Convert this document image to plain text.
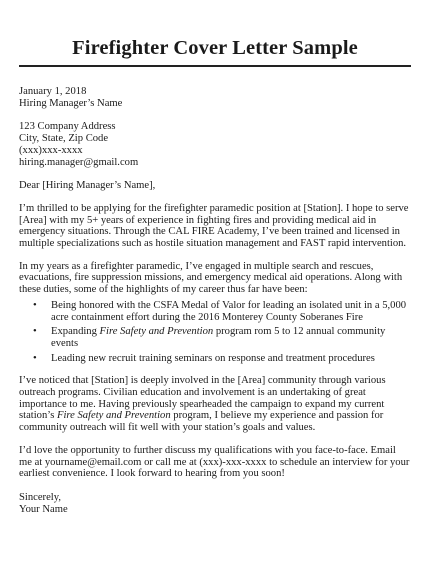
Firefighter Cover Letter Sample

January 1, 2018

Hiring Manager’s Name

123 Company Address

City, State, Zip Code

(xxx)xxx-xxxx

hiring.manager@gmail.com

Dear [Hiring Manager’s Name],

I’m thrilled to be applying for the firefighter paramedic position at [Station]. I hope to serve [Area] with my 5+ years of experience in fighting fires and providing medical aid in emergency situations. Through the CAL FIRE Academy, I’ve been trained and licensed in multiple specializations such as hostile situation management and FAST rapid intervention.

In my years as a firefighter paramedic, I’ve engaged in multiple search and rescues, evacuations, fire suppression missions, and emergency medical aid operations. Along with these duties, some of the highlights of my career thus far have been:

• Being honored with the CSFA Medal of Valor for leading an isolated unit in a 5,000 acre containment effort during the 2016 Monterey County Soberanes Fire
• Expanding Fire Safety and Prevention program rom 5 to 12 annual community events
• Leading new recruit training seminars on response and treatment procedures

I’ve noticed that [Station] is deeply involved in the [Area] community through various outreach programs. Civilian education and involvement is an undertaking of great importance to me. Having previously spearheaded the campaign to expand my current station’s Fire Safety and Prevention program, I believe my experience and passion for community outreach will fit well with your station’s goals and values.

I’d love the opportunity to further discuss my qualifications with you face-to-face. Email me at yourname@email.com or call me at (xxx)-xxx-xxxx to schedule an interview for your earliest convenience. I look forward to hearing from you soon!

Sincerely,

Your Name
